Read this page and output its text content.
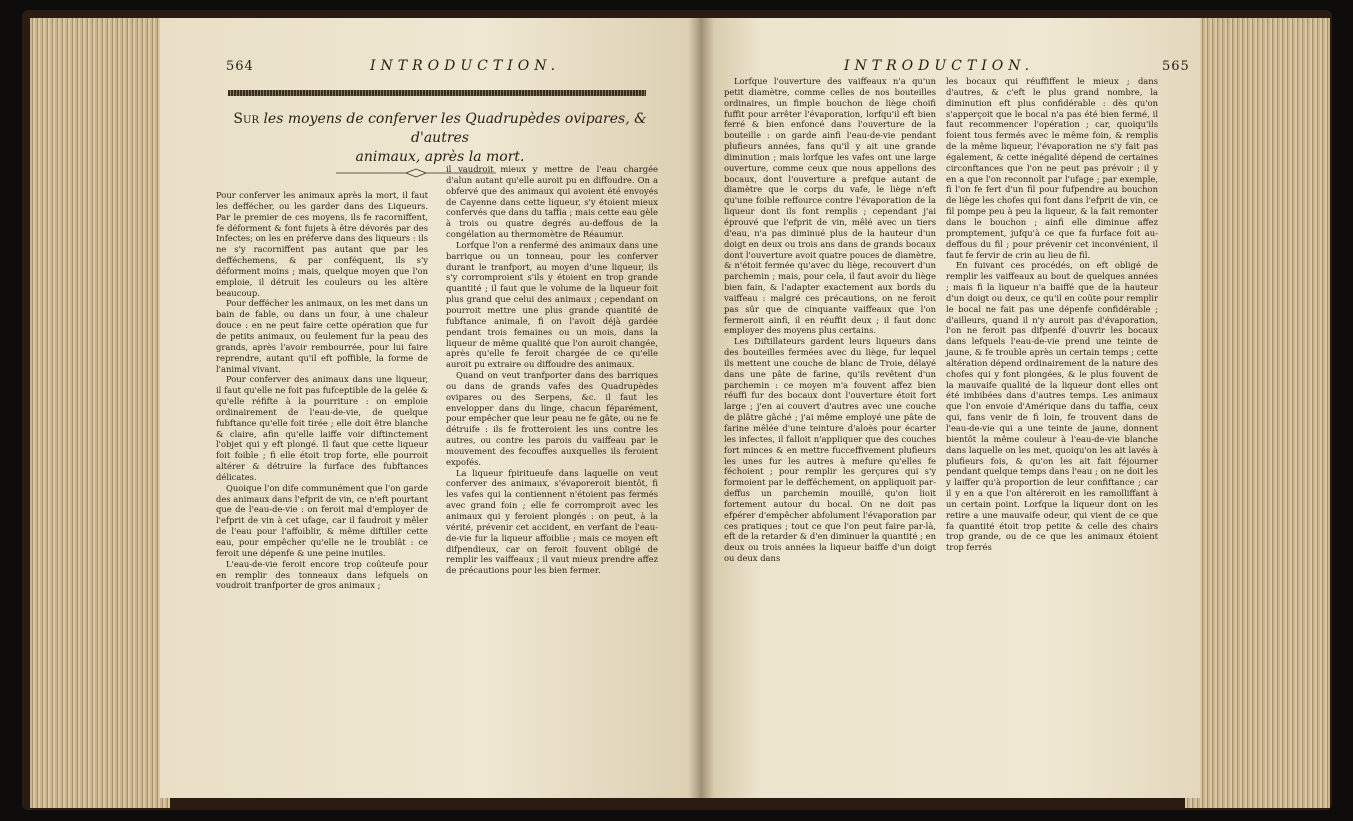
564	INTRODUCTION.
Sur les moyens de conferver les Quadrupèdes ovipares, & d'autres
animaux, après la mort.

Pour conferver les animaux après la mort, il faut les deffécher, ou les garder dans des Liqueurs. Par le premier de ces moyens, ils fe racorniffent, fe déforment & font fujets à être dévorés par des Infectes; on les en préferve dans des liqueurs : ils ne s'y racorniffent pas autant que par les defféchemens, & par conféquent, ils s'y déforment moins ; mais, quelque moyen que l'on emploie, il détruit les couleurs ou les altère beaucoup.

Pour deffécher les animaux, on les met dans un bain de fable, ou dans un four, à une chaleur douce : en ne peut faire cette opération que fur de petits animaux, ou feulement fur la peau des grands, après l'avoir rembourrée, pour lui faire reprendre, autant qu'il eft poffible, la forme de l'animal vivant.

Pour conferver des animaux dans une liqueur, il faut qu'elle ne foit pas fufceptible de la gelée & qu'elle réfifte à la pourriture : on emploie ordinairement de l'eau-de-vie, de quelque fubftance qu'elle foit tirée ; elle doit être blanche & claire, afin qu'elle laiffe voir diftinctement l'objet qui y eft plongé. Il faut que cette liqueur foit foible ; fi elle étoit trop forte, elle pourroit altérer & détruire la furface des fubftances délicates.

Quoique l'on dife communément que l'on garde des animaux dans l'efprit de vin, ce n'eft pourtant que de l'eau-de-vie : on feroit mal d'employer de l'efprit de vin à cet ufage, car il faudroit y mêler de l'eau pour l'affoiblir, & même diftiller cette eau, pour empêcher qu'elle ne le troublât : ce feroit une dépenfe & une peine inutiles.

L'eau-de-vie feroit encore trop coûteufe pour en remplir des tonneaux dans lefquels on voudroit tranfporter de gros animaux ;

il vaudroit mieux y mettre de l'eau chargée d'alun autant qu'elle auroit pu en diffoudre. On a obfervé que des animaux qui avoient été envoyés de Cayenne dans cette liqueur, s'y étoient mieux confervés que dans du taffia ; mais cette eau gèle à trois ou quatre degrés au-deffous de la congélation au thermomètre de Réaumur.

Lorfque l'on a renfermé des animaux dans une barrique ou un tonneau, pour les conferver durant le tranfport, au moyen d'une liqueur, ils s'y corromproient s'ils y étoient en trop grande quantité ; il faut que le volume de la liqueur foit plus grand que celui des animaux ; cependant on pourroit mettre une plus grande quantité de fubftance animale, fi on l'avoit déjà gardée pendant trois femaines ou un mois, dans la liqueur de même qualité que l'on auroit changée, après qu'elle fe feroit chargée de ce qu'elle auroit pu extraire ou diffoudre des animaux.

Quand on veut tranfporter dans des barriques ou dans de grands vafes des Quadrupèdes ovipares ou des Serpens, &c. il faut les envelopper dans du linge, chacun féparément, pour empêcher que leur peau ne fe gâte, ou ne fe détruife : ils fe frotteroient les uns contre les autres, ou contre les parois du vaiffeau par le mouvement des fecouffes auxquelles ils feroient expofés.

La liqueur fpiritueufe dans laquelle on veut conferver des animaux, s'évaporeroit bientôt, fi les vafes qui la contiennent n'étoient pas fermés avec grand foin ; elle fe corromproit avec les animaux qui y feroient plongés : on peut, à la vérité, prévenir cet accident, en verfant de l'eau-de-vie fur la liqueur affoiblie ; mais ce moyen eft difpendieux, car on feroit fouvent obligé de remplir les vaiffeaux ; il vaut mieux prendre affez de précautions pour les bien fermer.

INTRODUCTION.	565

Lorfque l'ouverture des vaiffeaux n'a qu'un petit diamètre, comme celles de nos bouteilles ordinaires, un fimple bouchon de liège choifi fuffit pour arrêter l'évaporation, lorfqu'il eft bien ferré & bien enfoncé dans l'ouverture de la bouteille : on garde ainfi l'eau-de-vie pendant plufieurs années, fans qu'il y ait une grande diminution ; mais lorfque les vafes ont une large ouverture, comme ceux que nous appellons des bocaux, dont l'ouverture a prefque autant de diamètre que le corps du vafe, le liège n'eft qu'une foible reffource contre l'évaporation de la liqueur dont ils font remplis ; cependant j'ai éprouvé que l'efprit de vin, mêlé avec un tiers d'eau, n'a pas diminué plus de la hauteur d'un doigt en deux ou trois ans dans de grands bocaux dont l'ouverture avoit quatre pouces de diamètre, & n'étoit fermée qu'avec du liège, recouvert d'un parchemin ; mais, pour cela, il faut avoir du liège bien fain, & l'adapter exactement aux bords du vaiffeau : malgré ces précautions, on ne feroit pas sûr que de cinquante vaiffeaux que l'on fermeroit ainfi, il en réuffit deux ; il faut donc employer des moyens plus certains.

Les Diftillateurs gardent leurs liqueurs dans des bouteilles fermées avec du liège, fur lequel ils mettent une couche de blanc de Troie, délayé dans une pâte de farine, qu'ils revêtent d'un parchemin : ce moyen m'a fouvent affez bien réuffi fur des bocaux dont l'ouverture étoit fort large ; j'en ai couvert d'autres avec une couche de plâtre gâché ; j'ai même employé une pâte de farine mêlée d'une teinture d'aloès pour écarter les infectes, il falloit n'appliquer que des couches fort minces & en mettre fucceffivement plufieurs les unes fur les autres à mefure qu'elles fe féchoient ; pour remplir les gerçures qui s'y formoient par le defféchement, on appliquoit par-deffus un parchemin mouillé, qu'on lioit fortement autour du bocal. On ne doit pas efpérer d'empêcher abfolument l'évaporation par ces pratiques ; tout ce que l'on peut faire par-là, eft de la retarder & d'en diminuer la quantité ; en deux ou trois années la liqueur baiffe d'un doigt ou deux dans

les bocaux qui réuffiffent le mieux ; dans d'autres, & c'eft le plus grand nombre, la diminution eft plus confidérable : dès qu'on s'apperçoit que le bocal n'a pas été bien fermé, il faut recommencer l'opération ; car, quoiqu'ils foient tous fermés avec le même foin, & remplis de la même liqueur, l'évaporation ne s'y fait pas également, & cette inégalité dépend de certaines circonftances que l'on ne peut pas prévoir ; il y en a que l'on reconnoît par l'ufage ; par exemple, fi l'on fe fert d'un fil pour fufpendre au bouchon de liège les chofes qui font dans l'efprit de vin, ce fil pompe peu à peu la liqueur, & la fait remonter dans le bouchon ; ainfi elle diminue affez promptement, jufqu'à ce que fa furface foit au-deffous du fil ; pour prévenir cet inconvénient, il faut fe fervir de crin au lieu de fil.

En fuivant ces procédés, on eft obligé de remplir les vaiffeaux au bout de quelques années ; mais fi la liqueur n'a baiffé que de la hauteur d'un doigt ou deux, ce qu'il en coûte pour remplir le bocal ne fait pas une dépenfe confidérable ; d'ailleurs, quand il n'y auroit pas d'évaporation, l'on ne feroit pas difpenfé d'ouvrir les bocaux dans lefquels l'eau-de-vie prend une teinte de jaune, & fe trouble après un certain temps ; cette altération dépend ordinairement de la nature des chofes qui y font plongées, & le plus fouvent de la mauvaife qualité de la liqueur dont elles ont été imbibées dans d'autres temps. Les animaux que l'on envoie d'Amérique dans du taffia, ceux qui, fans venir de fi loin, fe trouvent dans de l'eau-de-vie qui a une teinte de jaune, donnent bientôt la même couleur à l'eau-de-vie blanche dans laquelle on les met, quoiqu'on les ait lavés à plufieurs fois, & qu'on les ait fait féjourner pendant quelque temps dans l'eau ; on ne doit les y laiffer qu'à proportion de leur confiftance ; car il y en a que l'on altéreroit en les ramolliffant à un certain point. Lorfque la liqueur dont on les retire a une mauvaife odeur, qui vient de ce que fa quantité étoit trop petite & celle des chairs trop grande, ou de ce que les animaux étoient trop ferrés
